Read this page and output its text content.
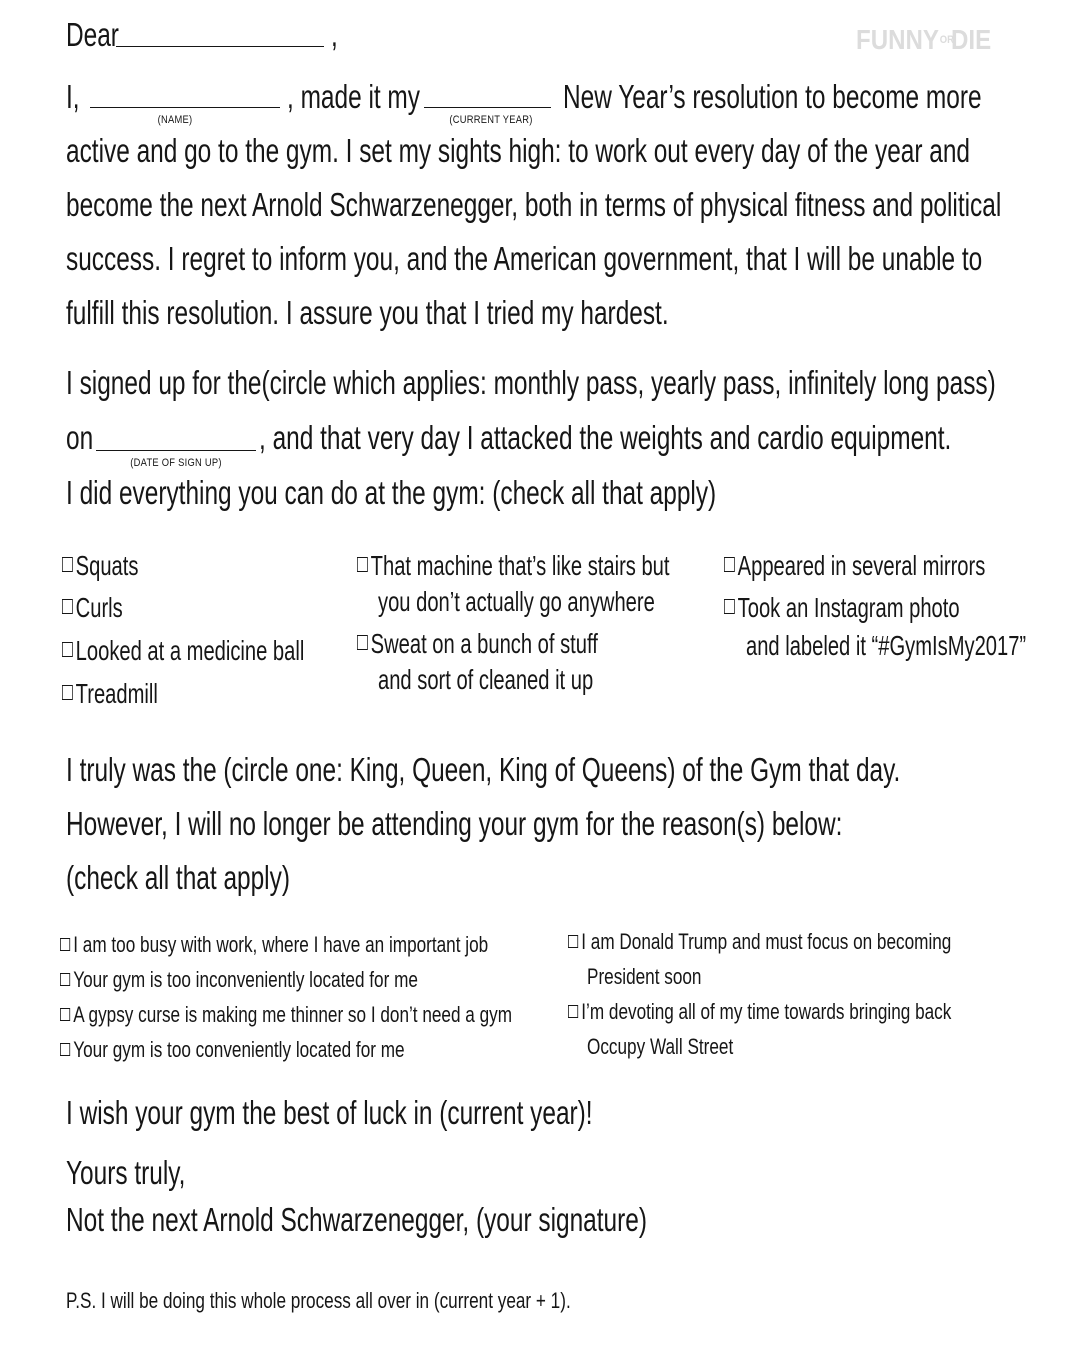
FUNNYORDIE
Dear	,
I,
(NAME)
, made it my
(CURRENT YEAR)
New Year’s resolution to become more
active and go to the gym. I set my sights high: to work out every day of the year and
become the next Arnold Schwarzenegger, both in terms of physical fitness and political
success. I regret to inform you, and the American government, that I will be unable to
fulfill this resolution. I assure you that I tried my hardest.
I signed up for the(circle which applies: monthly pass, yearly pass, infinitely long pass)
on
(DATE OF SIGN UP)
, and that very day I attacked the weights and cardio equipment.
I did everything you can do at the gym: (check all that apply)
Squats
Curls
Looked at a medicine ball
Treadmill
That machine that’s like stairs but
you don’t actually go anywhere
Sweat on a bunch of stuff
and sort of cleaned it up
Appeared in several mirrors
Took an Instagram photo
and labeled it “#GymIsMy2017”
I truly was the (circle one: King, Queen, King of Queens) of the Gym that day.
However, I will no longer be attending your gym for the reason(s) below:
(check all that apply)
I am too busy with work, where I have an important job
Your gym is too inconveniently located for me
A gypsy curse is making me thinner so I don’t need a gym
Your gym is too conveniently located for me
I am Donald Trump and must focus on becoming
President soon
I’m devoting all of my time towards bringing back
Occupy Wall Street
I wish your gym the best of luck in (current year)!
Yours truly,
Not the next Arnold Schwarzenegger, (your signature)
P.S. I will be doing this whole process all over in (current year + 1).
